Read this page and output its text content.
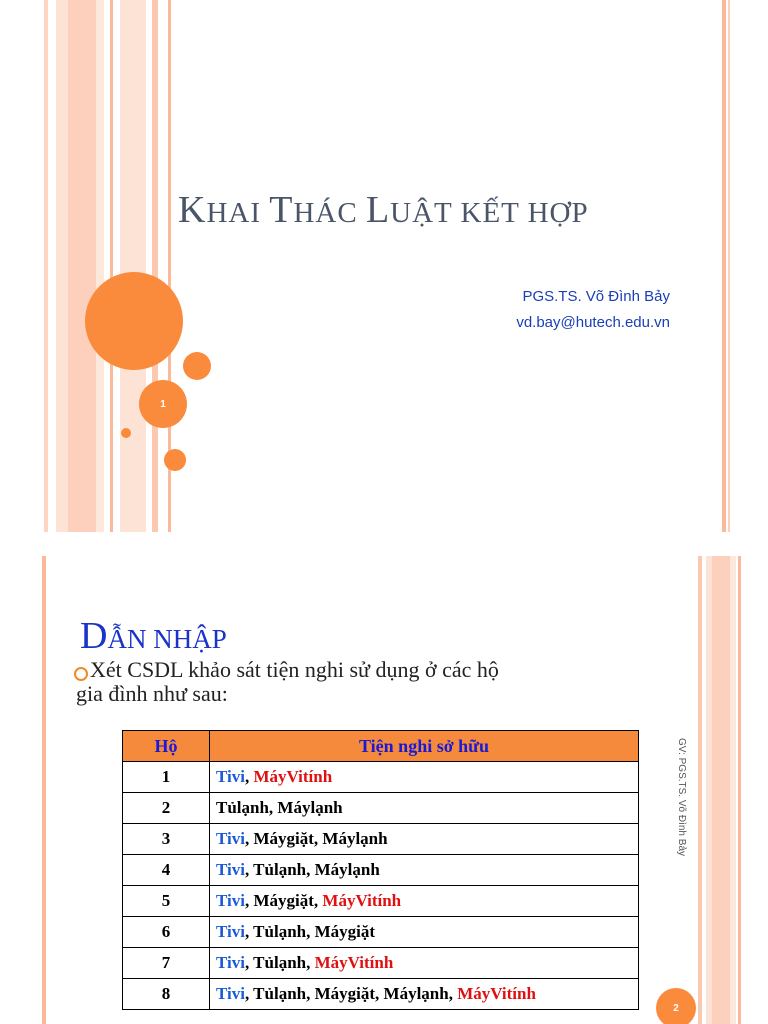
KHAI THÁC LUẬT KẾT HỢP
PGS.TS. Võ Đình Bảy
vd.bay@hutech.edu.vn
1
DẪN NHẬP
Xét CSDL khảo sát tiện nghi sử dụng ở các hộ
gia đình như sau:
Hộ	Tiện nghi sở hữu
1	Tivi, MáyVitính
2	Tủlạnh, Máylạnh
3	Tivi, Máygiặt, Máylạnh
4	Tivi, Tủlạnh, Máylạnh
5	Tivi, Máygiặt, MáyVitính
6	Tivi, Tủlạnh, Máygiặt
7	Tivi, Tủlạnh, MáyVitính
8	Tivi, Tủlạnh, Máygiặt, Máylạnh, MáyVitính
GV: PGS.TS. Võ Đình Bảy
2
